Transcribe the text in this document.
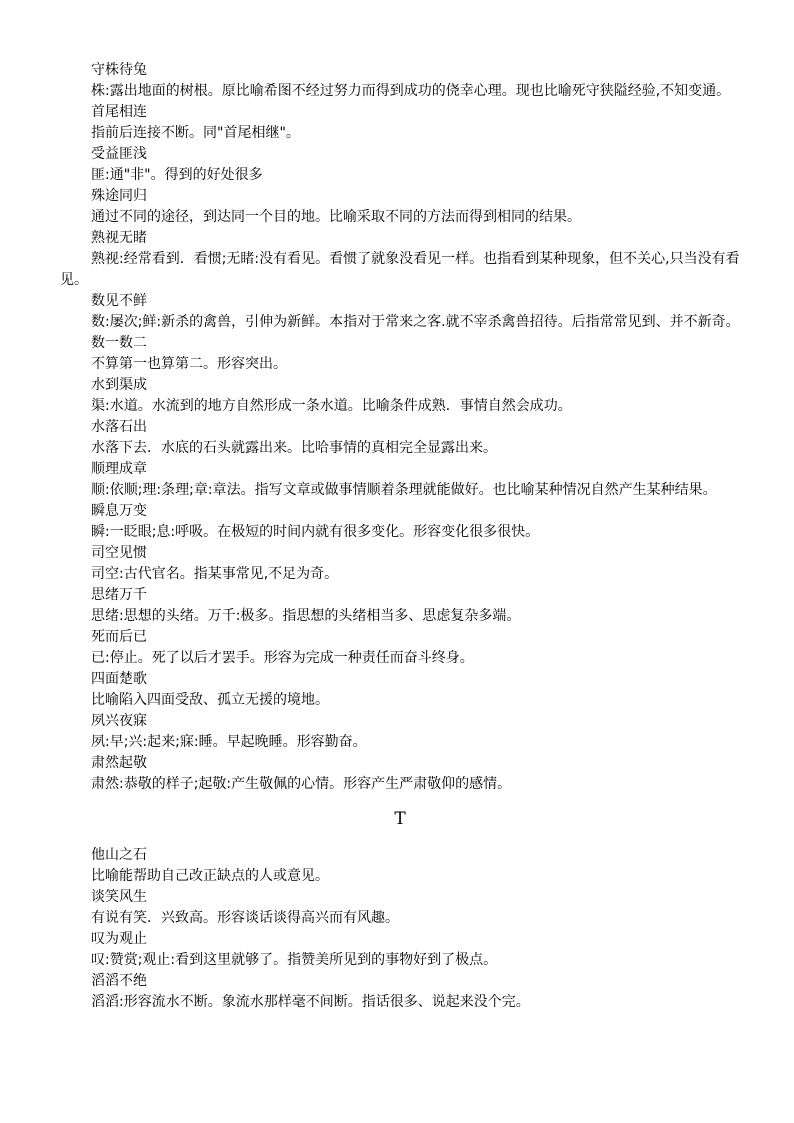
守株待兔

株:露出地面的树根。原比喻希图不经过努力而得到成功的侥幸心理。现也比喻死守狭隘经验,不知变通。

首尾相连

指前后连接不断。同"首尾相继"。

受益匪浅

匪:通"非"。得到的好处很多

殊途同归

通过不同的途径，到达同一个目的地。比喻采取不同的方法而得到相同的结果。

熟视无睹

熟视:经常看到．看惯;无睹:没有看见。看惯了就象没看见一样。也指看到某种现象，但不关心,只当没有看见。

数见不鲜

数:屡次;鲜:新杀的禽兽，引伸为新鲜。本指对于常来之客.就不宰杀禽兽招待。后指常常见到、并不新奇。

数一数二

不算第一也算第二。形容突出。

水到渠成

渠:水道。水流到的地方自然形成一条水道。比喻条件成熟．事情自然会成功。

水落石出

水落下去．水底的石头就露出来。比哈事情的真相完全显露出来。

顺理成章

顺:依顺;理:条理;章:章法。指写文章或做事情顺着条理就能做好。也比喻某种情况自然产生某种结果。

瞬息万变

瞬:一眨眼;息:呼吸。在极短的时间内就有很多变化。形容变化很多很快。

司空见惯

司空:古代官名。指某事常见,不足为奇。

思绪万千

思绪:思想的头绪。万千:极多。指思想的头绪相当多、思虑复杂多端。

死而后已

已:停止。死了以后才罢手。形容为完成一种责任而奋斗终身。

四面楚歌

比喻陷入四面受敌、孤立无援的境地。

夙兴夜寐

夙:早;兴:起来;寐:睡。早起晚睡。形容勤奋。

肃然起敬

肃然:恭敬的样子;起敬:产生敬佩的心情。形容产生严肃敬仰的感情。

T

他山之石

比喻能帮助自己改正缺点的人或意见。

谈笑风生

有说有笑．兴致高。形容谈话谈得高兴而有风趣。

叹为观止

叹:赞赏;观止:看到这里就够了。指赞美所见到的事物好到了极点。

滔滔不绝

滔滔:形容流水不断。象流水那样毫不间断。指话很多、说起来没个完。
